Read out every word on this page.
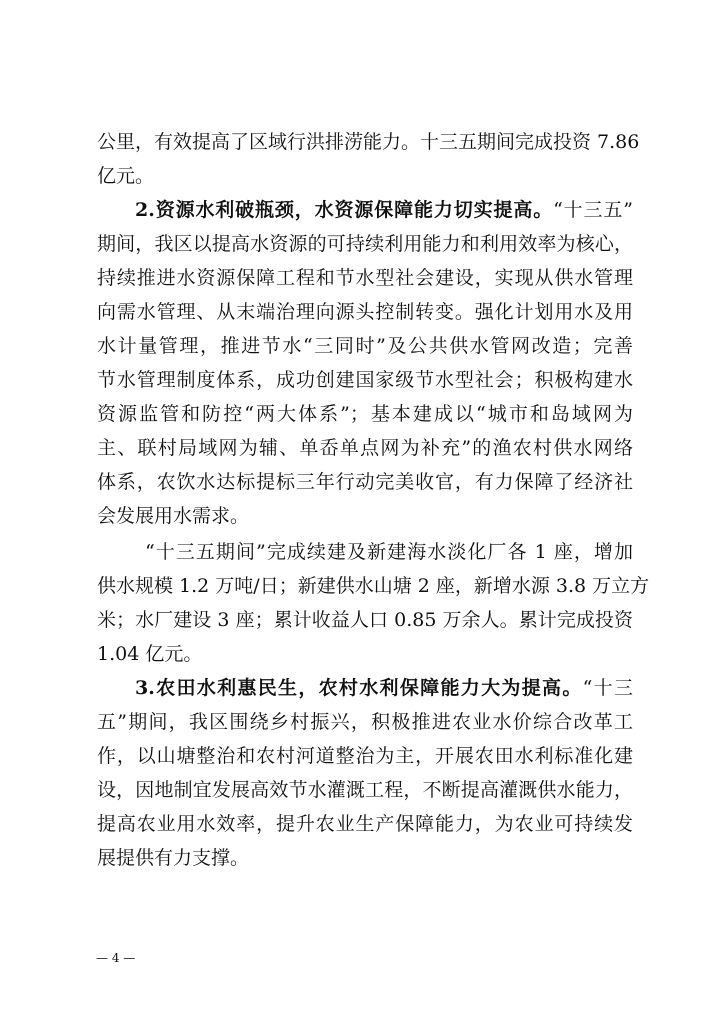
公里，有效提高了区域行洪排涝能力。十三五期间完成投资 7.86
亿元。
2.资源水利破瓶颈，水资源保障能力切实提高。“十三五”
期间，我区以提高水资源的可持续利用能力和利用效率为核心，
持续推进水资源保障工程和节水型社会建设，实现从供水管理
向需水管理、从末端治理向源头控制转变。强化计划用水及用
水计量管理，推进节水“三同时”及公共供水管网改造；完善
节水管理制度体系，成功创建国家级节水型社会；积极构建水
资源监管和防控“两大体系”；基本建成以“城市和岛域网为
主、联村局域网为辅、单岙单点网为补充”的渔农村供水网络
体系，农饮水达标提标三年行动完美收官，有力保障了经济社
会发展用水需求。
“十三五期间”完成续建及新建海水淡化厂各 1 座，增加
供水规模 1.2 万吨/日；新建供水山塘 2 座，新增水源 3.8 万立方
米；水厂建设 3 座；累计收益人口 0.85 万余人。累计完成投资
1.04 亿元。
3.农田水利惠民生，农村水利保障能力大为提高。“十三
五”期间，我区围绕乡村振兴，积极推进农业水价综合改革工
作，以山塘整治和农村河道整治为主，开展农田水利标准化建
设，因地制宜发展高效节水灌溉工程，不断提高灌溉供水能力，
提高农业用水效率，提升农业生产保障能力，为农业可持续发
展提供有力支撑。
— 4 —
